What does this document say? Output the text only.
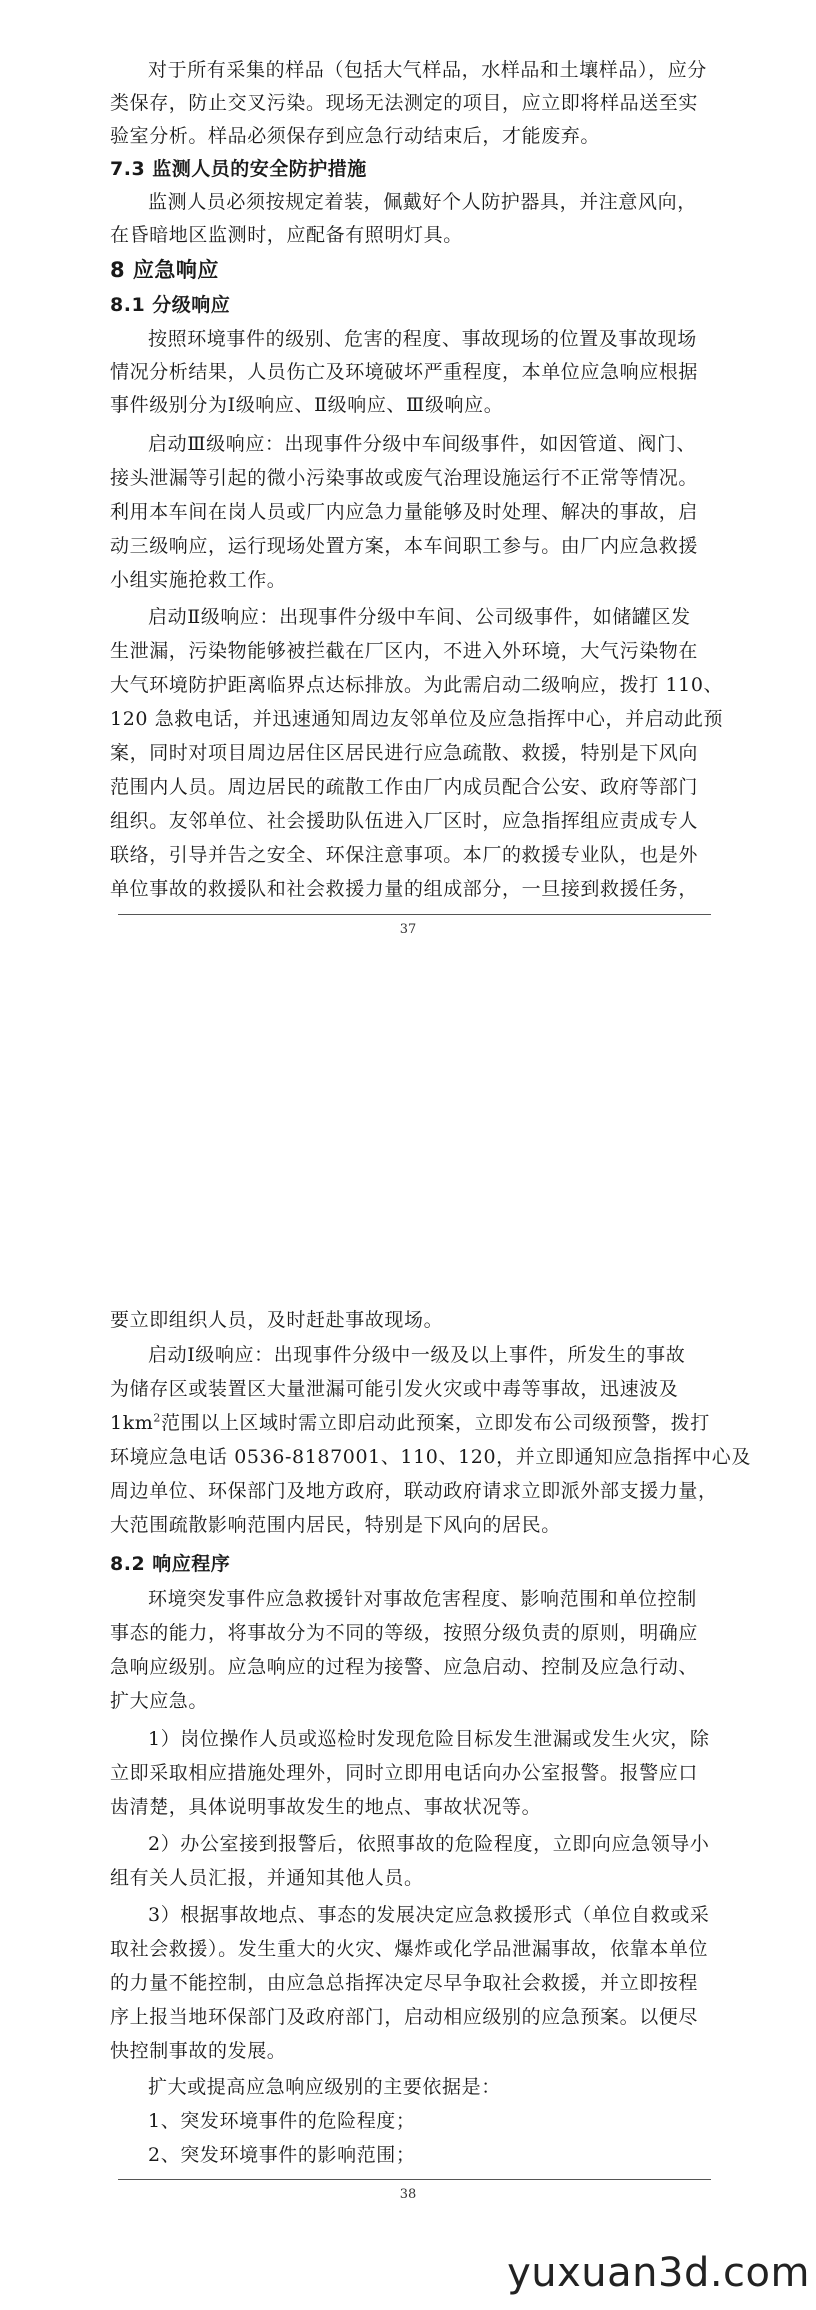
对于所有采集的样品（包括大气样品，水样品和土壤样品），应分
类保存，防止交叉污染。现场无法测定的项目，应立即将样品送至实
验室分析。样品必须保存到应急行动结束后，才能废弃。
7.3 监测人员的安全防护措施
监测人员必须按规定着装，佩戴好个人防护器具，并注意风向，
在昏暗地区监测时，应配备有照明灯具。
8 应急响应
8.1 分级响应
按照环境事件的级别、危害的程度、事故现场的位置及事故现场
情况分析结果，人员伤亡及环境破坏严重程度，本单位应急响应根据
事件级别分为Ⅰ级响应、Ⅱ级响应、Ⅲ级响应。
启动Ⅲ级响应：出现事件分级中车间级事件，如因管道、阀门、
接头泄漏等引起的微小污染事故或废气治理设施运行不正常等情况。
利用本车间在岗人员或厂内应急力量能够及时处理、解决的事故，启
动三级响应，运行现场处置方案，本车间职工参与。由厂内应急救援
小组实施抢救工作。
启动Ⅱ级响应：出现事件分级中车间、公司级事件，如储罐区发
生泄漏，污染物能够被拦截在厂区内，不进入外环境，大气污染物在
大气环境防护距离临界点达标排放。为此需启动二级响应，拨打 110、
120 急救电话，并迅速通知周边友邻单位及应急指挥中心，并启动此预
案，同时对项目周边居住区居民进行应急疏散、救援，特别是下风向
范围内人员。周边居民的疏散工作由厂内成员配合公安、政府等部门
组织。友邻单位、社会援助队伍进入厂区时，应急指挥组应责成专人
联络，引导并告之安全、环保注意事项。本厂的救援专业队，也是外
单位事故的救援队和社会救援力量的组成部分，一旦接到救援任务，
37
要立即组织人员，及时赶赴事故现场。
启动Ⅰ级响应：出现事件分级中一级及以上事件，所发生的事故
为储存区或装置区大量泄漏可能引发火灾或中毒等事故，迅速波及
$1km^2$范围以上区域时需立即启动此预案，立即发布公司级预警，拨打
环境应急电话 0536-8187001、110、120，并立即通知应急指挥中心及
周边单位、环保部门及地方政府，联动政府请求立即派外部支援力量，
大范围疏散影响范围内居民，特别是下风向的居民。
8.2 响应程序
环境突发事件应急救援针对事故危害程度、影响范围和单位控制
事态的能力，将事故分为不同的等级，按照分级负责的原则，明确应
急响应级别。应急响应的过程为接警、应急启动、控制及应急行动、
扩大应急。
1）岗位操作人员或巡检时发现危险目标发生泄漏或发生火灾，除
立即采取相应措施处理外，同时立即用电话向办公室报警。报警应口
齿清楚，具体说明事故发生的地点、事故状况等。
2）办公室接到报警后，依照事故的危险程度，立即向应急领导小
组有关人员汇报，并通知其他人员。
3）根据事故地点、事态的发展决定应急救援形式（单位自救或采
取社会救援）。发生重大的火灾、爆炸或化学品泄漏事故，依靠本单位
的力量不能控制，由应急总指挥决定尽早争取社会救援，并立即按程
序上报当地环保部门及政府部门，启动相应级别的应急预案。以便尽
快控制事故的发展。
扩大或提高应急响应级别的主要依据是：
1、突发环境事件的危险程度；
2、突发环境事件的影响范围；
38
yuxuan3d.com
